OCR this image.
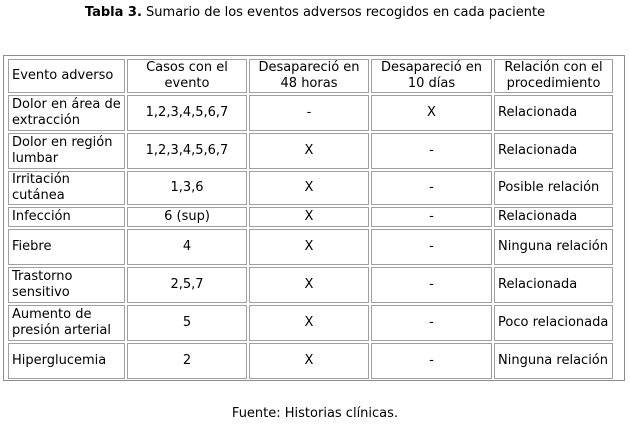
Tabla 3. Sumario de los eventos adversos recogidos en cada paciente
Evento adverso	Casos con el evento	Desapareció en 48 horas	Desapareció en 10 días	Relación con el procedimiento
Dolor en área de extracción	1,2,3,4,5,6,7	-	X	Relacionada
Dolor en región lumbar	1,2,3,4,5,6,7	X	-	Relacionada
Irritación cutánea	1,3,6	X	-	Posible relación
Infección	6 (sup)	X	-	Relacionada
Fiebre	4	X	-	Ninguna relación
Trastorno sensitivo	2,5,7	X	-	Relacionada
Aumento de presión arterial	5	X	-	Poco relacionada
Hiperglucemia	2	X	-	Ninguna relación
Fuente: Historias clínicas.
